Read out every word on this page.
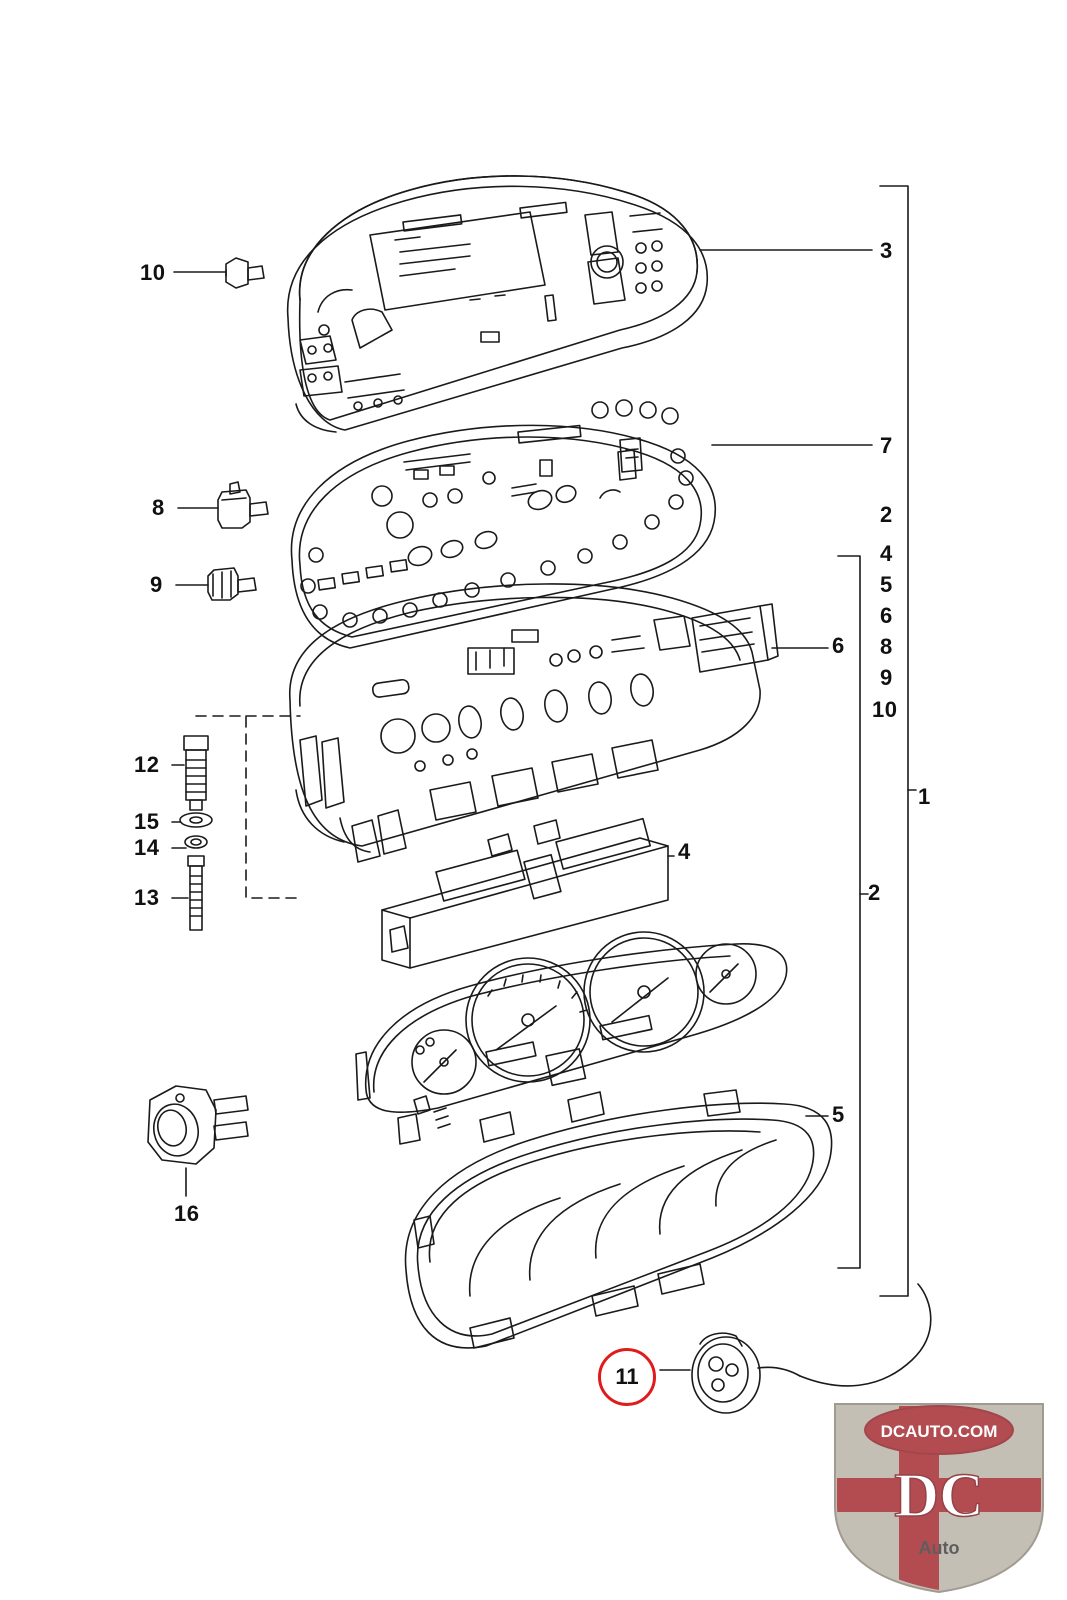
10
8
9
12
15
14
13
16
3
7
2
4
5
6
8
9
10
1
6
4
2
5
11
DCAUTO.COM
DC
Auto
